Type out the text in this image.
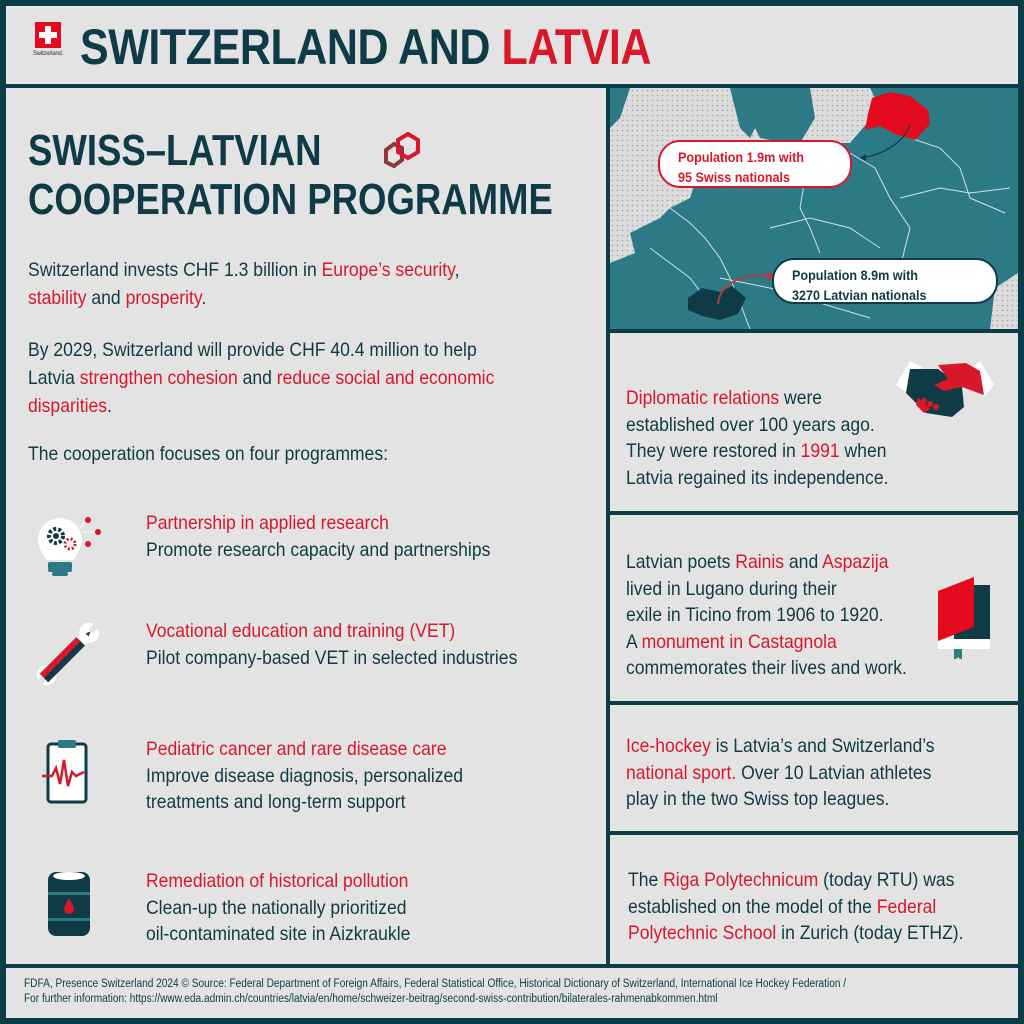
Switzerland. SWITZERLAND AND LATVIA
SWISS–LATVIAN
COOPERATION PROGRAMME
Switzerland invests CHF 1.3 billion in Europe’s security,
stability and prosperity.
By 2029, Switzerland will provide CHF 40.4 million to help
Latvia strengthen cohesion and reduce social and economic
disparities.
The cooperation focuses on four programmes:
Partnership in applied research
Promote research capacity and partnerships
Vocational education and training (VET)
Pilot company-based VET in selected industries
Pediatric cancer and rare disease care
Improve disease diagnosis, personalized
treatments and long-term support
Remediation of historical pollution
Clean-up the nationally prioritized
oil-contaminated site in Aizkraukle
Population 1.9m with
95 Swiss nationals
Population 8.9m with
3270 Latvian nationals
Diplomatic relations were
established over 100 years ago.
They were restored in 1991 when
Latvia regained its independence.
Latvian poets Rainis and Aspazija
lived in Lugano during their
exile in Ticino from 1906 to 1920.
A monument in Castagnola
commemorates their lives and work.
Ice-hockey is Latvia’s and Switzerland’s
national sport. Over 10 Latvian athletes
play in the two Swiss top leagues.
The Riga Polytechnicum (today RTU) was
established on the model of the Federal
Polytechnic School in Zurich (today ETHZ).
FDFA, Presence Switzerland 2024 © Source: Federal Department of Foreign Affairs, Federal Statistical Office, Historical Dictionary of Switzerland, International Ice Hockey Federation /
For further information: https://www.eda.admin.ch/countries/latvia/en/home/schweizer-beitrag/second-swiss-contribution/bilaterales-rahmenabkommen.html
